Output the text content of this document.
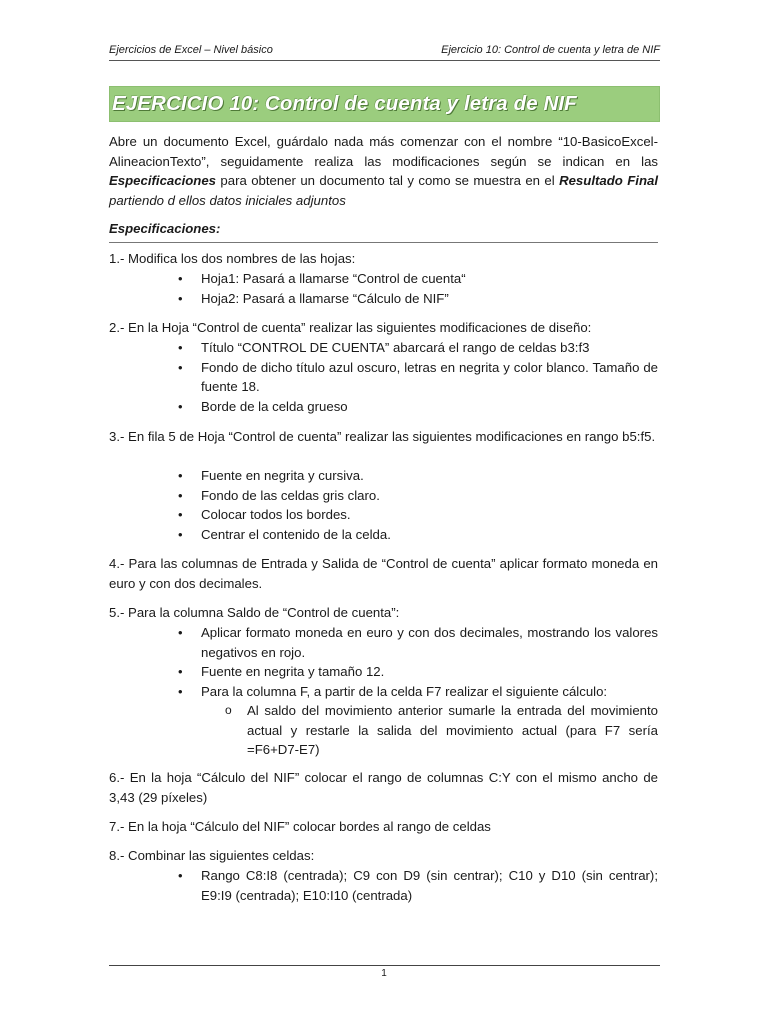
Ejercicios de Excel – Nivel básico	Ejercicio 10: Control de cuenta y letra de NIF
EJERCICIO 10: Control de cuenta y letra de NIF
Abre un documento Excel, guárdalo nada más comenzar con el nombre “10-BasicoExcel-AlineacionTexto”, seguidamente realiza las modificaciones según se indican en las Especificaciones para obtener un documento tal y como se muestra en el Resultado Final partiendo d ellos datos iniciales adjuntos
Especificaciones:
1.- Modifica los dos nombres de las hojas:
• Hoja1: Pasará a llamarse “Control de cuenta“
• Hoja2: Pasará a llamarse “Cálculo de NIF”
2.- En la Hoja “Control de cuenta” realizar las siguientes modificaciones de diseño:
• Título “CONTROL DE CUENTA” abarcará el rango de celdas b3:f3
• Fondo de dicho título azul oscuro, letras en negrita y color blanco. Tamaño de fuente 18.
• Borde de la celda grueso
3.- En fila 5 de Hoja “Control de cuenta” realizar las siguientes modificaciones en rango b5:f5.
• Fuente en negrita y cursiva.
• Fondo de las celdas gris claro.
• Colocar todos los bordes.
• Centrar el contenido de la celda.
4.- Para las columnas de Entrada y Salida de “Control de cuenta” aplicar formato moneda en euro y con dos decimales.
5.- Para la columna Saldo de “Control de cuenta”:
• Aplicar formato moneda en euro y con dos decimales, mostrando los valores negativos en rojo.
• Fuente en negrita y tamaño 12.
• Para la columna F, a partir de la celda F7 realizar el siguiente cálculo:
o Al saldo del movimiento anterior sumarle la entrada del movimiento actual y restarle la salida del movimiento actual (para F7 sería =F6+D7-E7)
6.- En la hoja “Cálculo del NIF” colocar el rango de columnas C:Y con el mismo ancho de 3,43 (29 píxeles)
7.- En la hoja “Cálculo del NIF” colocar bordes al rango de celdas
8.- Combinar las siguientes celdas:
• Rango C8:I8 (centrada); C9 con D9 (sin centrar); C10 y D10 (sin centrar); E9:I9 (centrada); E10:I10 (centrada)
1
